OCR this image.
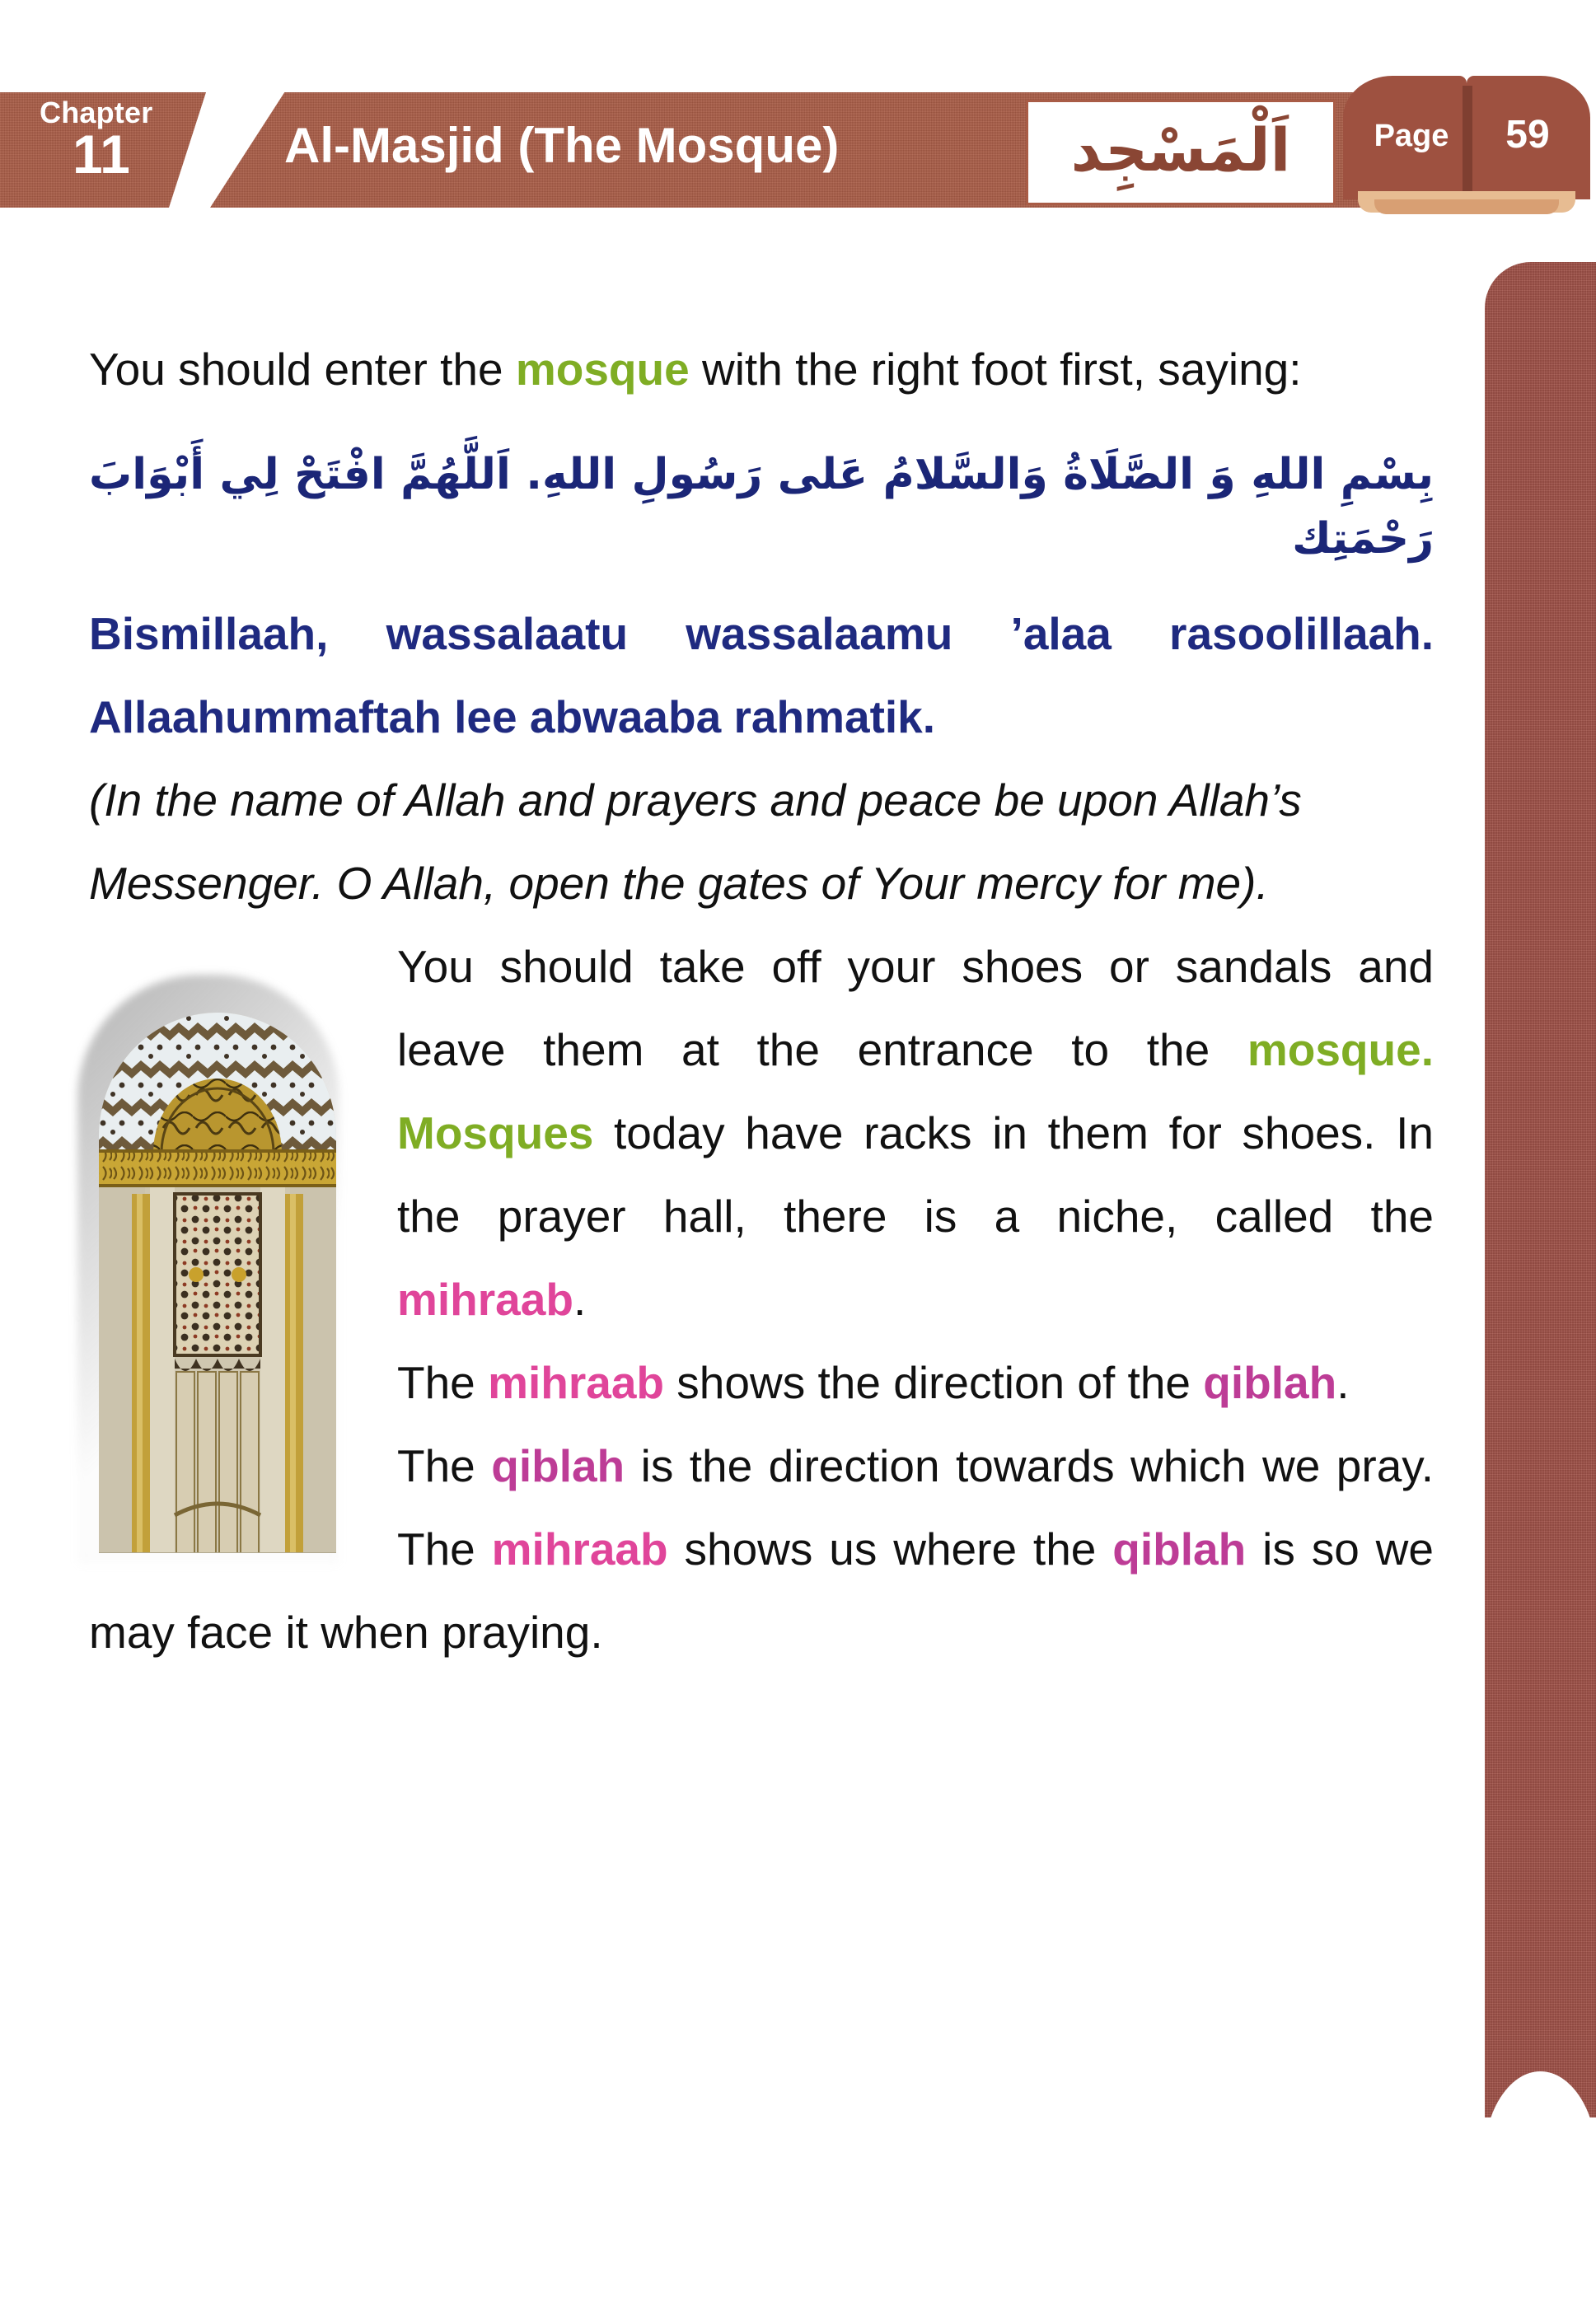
Chapter
11	Al-Masjid (The Mosque)	اَلْمَسْجِد	Page	59

You should enter the mosque with the right foot first, saying:

بِسْمِ اللهِ وَ الصَّلَاةُ وَالسَّلامُ عَلى رَسُولِ اللهِ. اَللَّهُمَّ افْتَحْ لِي أَبْوَابَ رَحْمَتِك

Bismillaah, wassalaatu wassalaamu ’alaa rasoolillaah. Allaahummaftah lee abwaaba rahmatik.

(In the name of Allah and prayers and peace be upon Allah’s Messenger. O Allah, open the gates of Your mercy for me).

You should take off your shoes or sandals and leave them at the entrance to the mosque. Mosques today have racks in them for shoes. In the prayer hall, there is a niche, called the mihraab.

The mihraab shows the direction of the qiblah.

The qiblah is the direction towards which we pray. The mihraab shows us where the qiblah is so we may face it when praying.
